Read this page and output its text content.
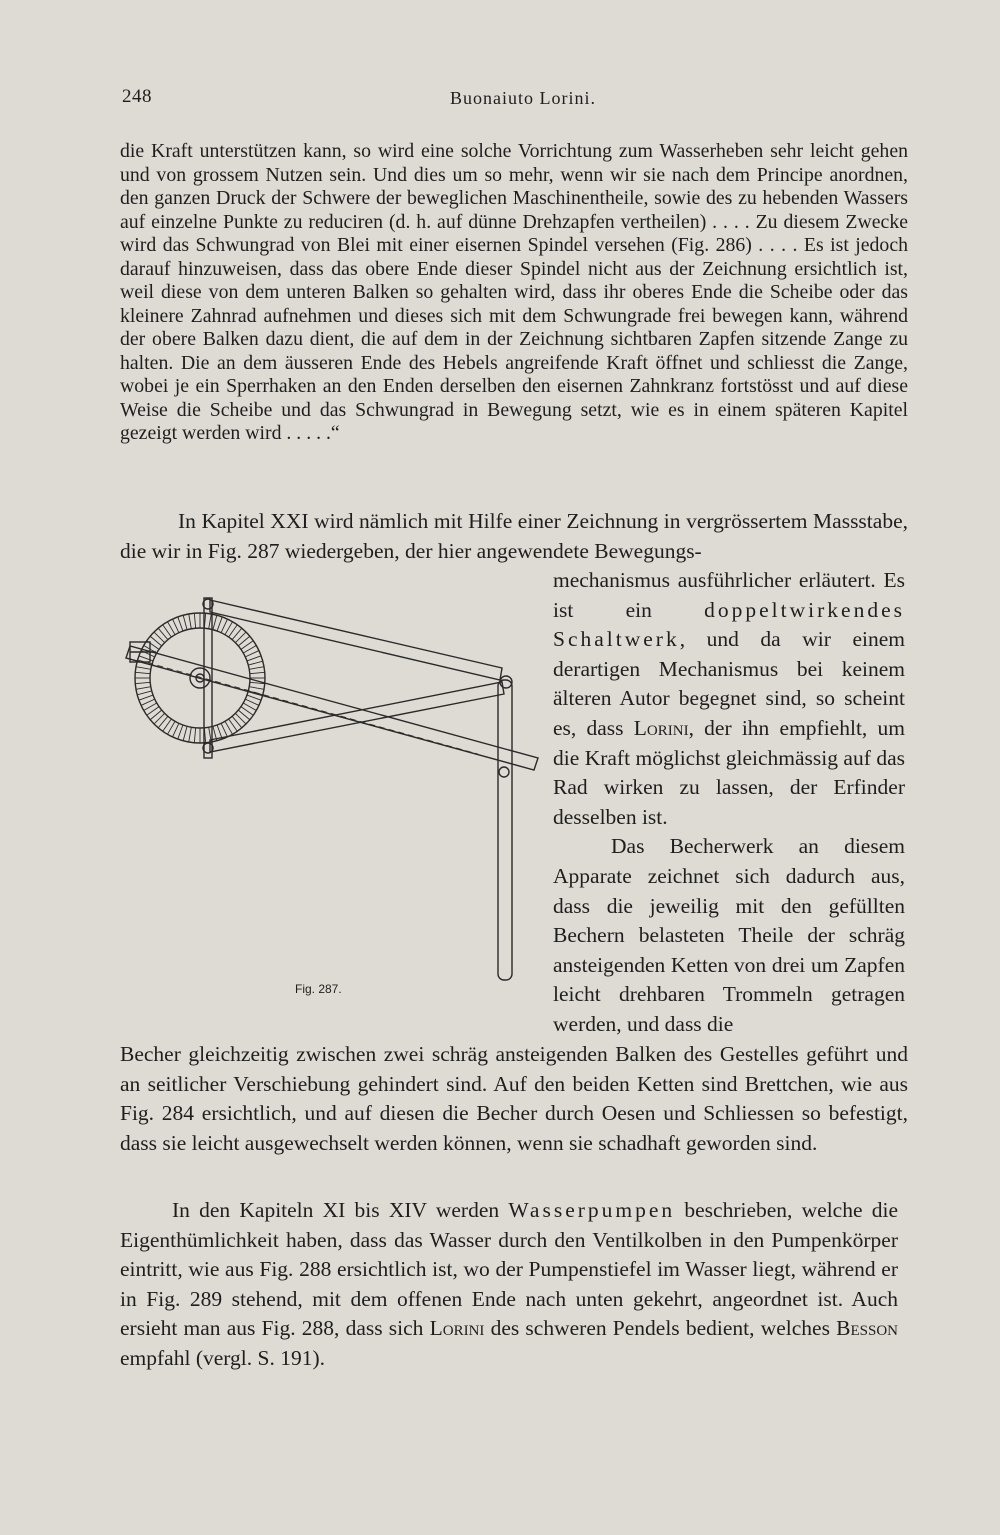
248	Buonaiuto Lorini.

die Kraft unterstützen kann, so wird eine solche Vorrichtung zum Wasserheben sehr leicht gehen und von grossem Nutzen sein. Und dies um so mehr, wenn wir sie nach dem Principe anordnen, den ganzen Druck der Schwere der beweglichen Maschinentheile, sowie des zu hebenden Wassers auf einzelne Punkte zu reduciren (d. h. auf dünne Drehzapfen vertheilen) . . . . Zu diesem Zwecke wird das Schwungrad von Blei mit einer eisernen Spindel versehen (Fig. 286) . . . . Es ist jedoch darauf hinzuweisen, dass das obere Ende dieser Spindel nicht aus der Zeichnung ersichtlich ist, weil diese von dem unteren Balken so gehalten wird, dass ihr oberes Ende die Scheibe oder das kleinere Zahnrad aufnehmen und dieses sich mit dem Schwungrade frei bewegen kann, während der obere Balken dazu dient, die auf dem in der Zeichnung sichtbaren Zapfen sitzende Zange zu halten. Die an dem äusseren Ende des Hebels angreifende Kraft öffnet und schliesst die Zange, wobei je ein Sperrhaken an den Enden derselben den eisernen Zahnkranz fortstösst und auf diese Weise die Scheibe und das Schwungrad in Bewegung setzt, wie es in einem späteren Kapitel gezeigt werden wird . . . . .“

In Kapitel XXI wird nämlich mit Hilfe einer Zeichnung in vergrössertem Massstabe, die wir in Fig. 287 wiedergeben, der hier angewendete Bewegungs-

mechanismus ausführlicher erläutert. Es ist ein doppeltwirkendes Schaltwerk, und da wir einem derartigen Mechanismus bei keinem älteren Autor begegnet sind, so scheint es, dass Lorini, der ihn empfiehlt, um die Kraft möglichst gleichmässig auf das Rad wirken zu lassen, der Erfinder desselben ist.

Das Becherwerk an diesem Apparate zeichnet sich dadurch aus, dass die jeweilig mit den gefüllten Bechern belasteten Theile der schräg ansteigenden Ketten von drei um Zapfen leicht drehbaren Trommeln getragen werden, und dass die

Fig. 287.

Becher gleichzeitig zwischen zwei schräg ansteigenden Balken des Gestelles geführt und an seitlicher Verschiebung gehindert sind. Auf den beiden Ketten sind Brettchen, wie aus Fig. 284 ersichtlich, und auf diesen die Becher durch Oesen und Schliessen so befestigt, dass sie leicht ausgewechselt werden können, wenn sie schadhaft geworden sind.

In den Kapiteln XI bis XIV werden Wasserpumpen beschrieben, welche die Eigenthümlichkeit haben, dass das Wasser durch den Ventilkolben in den Pumpenkörper eintritt, wie aus Fig. 288 ersichtlich ist, wo der Pumpenstiefel im Wasser liegt, während er in Fig. 289 stehend, mit dem offenen Ende nach unten gekehrt, angeordnet ist. Auch ersieht man aus Fig. 288, dass sich Lorini des schweren Pendels bedient, welches Besson empfahl (vergl. S. 191).
